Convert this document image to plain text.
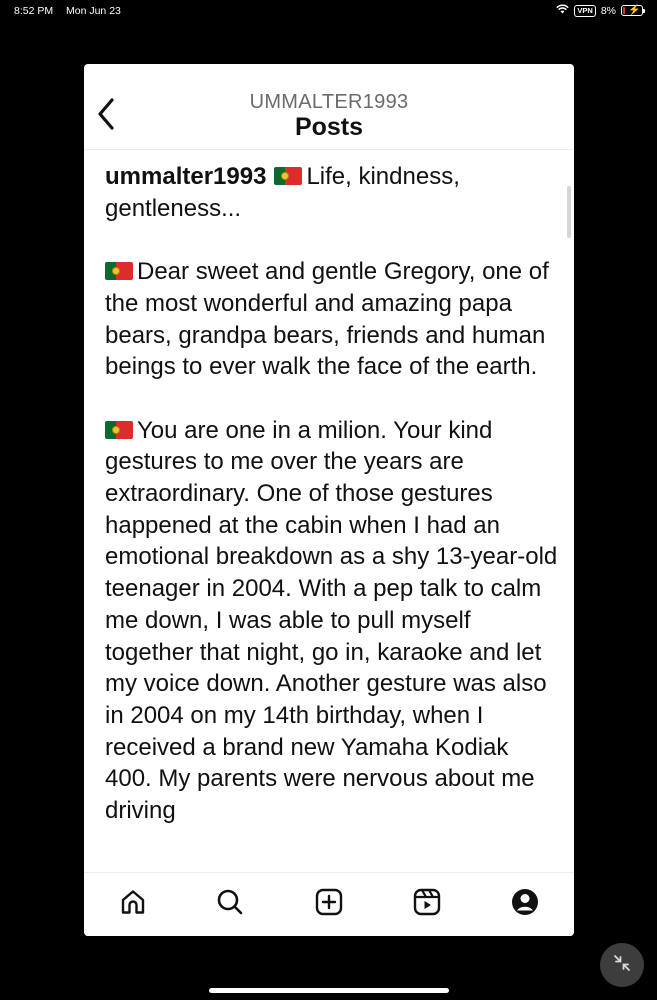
8:52 PM Mon Jun 23	VPN 8% ⚡
UMMALTER1993
Posts

ummalter1993 Life, kindness, gentleness...

Dear sweet and gentle Gregory, one of the most wonderful and amazing papa bears, grandpa bears, friends and human beings to ever walk the face of the earth.

You are one in a milion. Your kind gestures to me over the years are extraordinary. One of those gestures happened at the cabin when I had an emotional breakdown as a shy 13-year-old teenager in 2004. With a pep talk to calm me down, I was able to pull myself together that night, go in, karaoke and let my voice down. Another gesture was also in 2004 on my 14th birthday, when I received a brand new Yamaha Kodiak 400. My parents were nervous about me driving
